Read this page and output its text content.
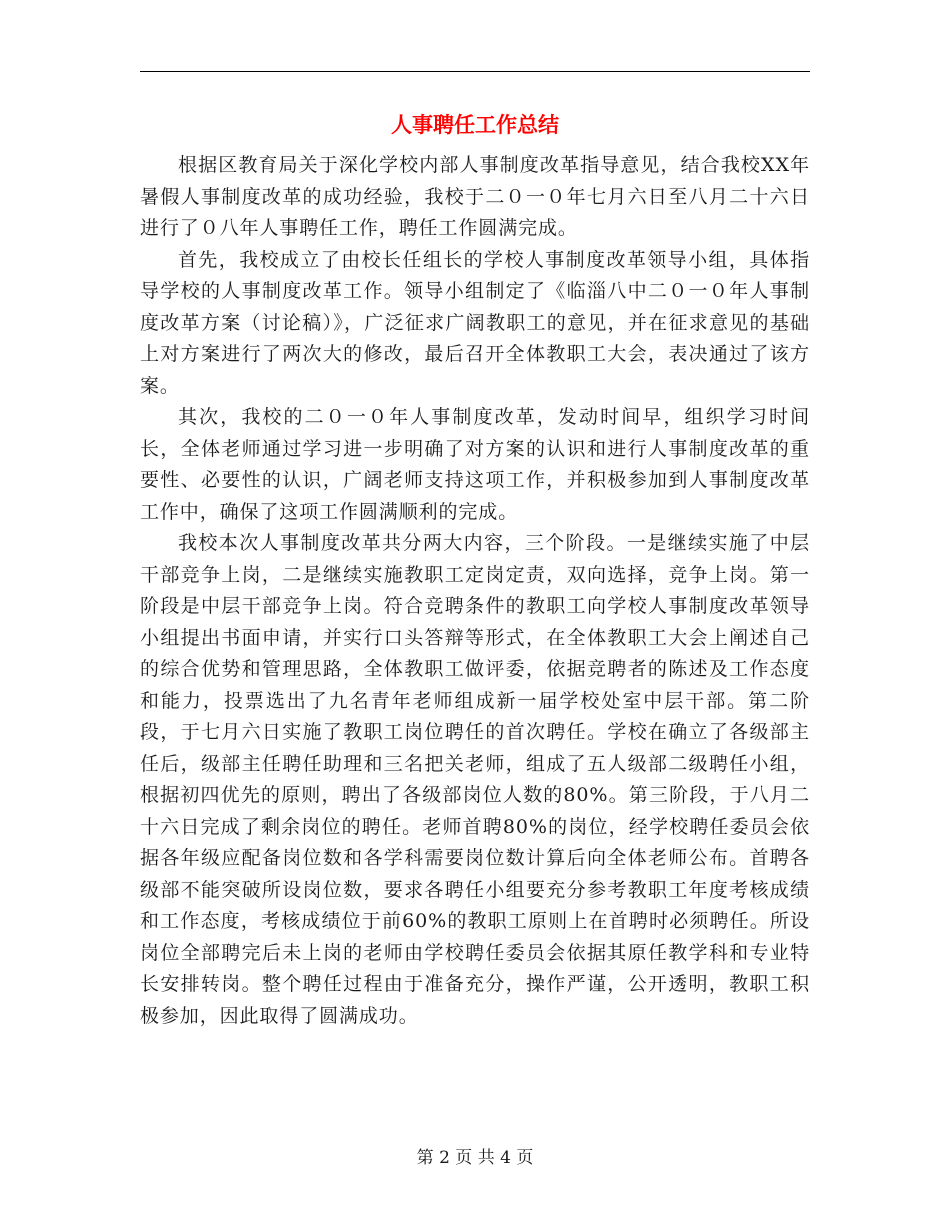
人事聘任工作总结

根据区教育局关于深化学校内部人事制度改革指导意见，结合我校XX年暑假人事制度改革的成功经验，我校于二０一０年七月六日至八月二十六日进行了０八年人事聘任工作，聘任工作圆满完成。

首先，我校成立了由校长任组长的学校人事制度改革领导小组，具体指导学校的人事制度改革工作。领导小组制定了《临淄八中二０一０年人事制度改革方案（讨论稿）》，广泛征求广阔教职工的意见，并在征求意见的基础上对方案进行了两次大的修改，最后召开全体教职工大会，表决通过了该方案。

其次，我校的二０一０年人事制度改革，发动时间早，组织学习时间长，全体老师通过学习进一步明确了对方案的认识和进行人事制度改革的重要性、必要性的认识，广阔老师支持这项工作，并积极参加到人事制度改革工作中，确保了这项工作圆满顺利的完成。

我校本次人事制度改革共分两大内容，三个阶段。一是继续实施了中层干部竞争上岗，二是继续实施教职工定岗定责，双向选择，竞争上岗。第一阶段是中层干部竞争上岗。符合竞聘条件的教职工向学校人事制度改革领导小组提出书面申请，并实行口头答辩等形式，在全体教职工大会上阐述自己的综合优势和管理思路，全体教职工做评委，依据竞聘者的陈述及工作态度和能力，投票选出了九名青年老师组成新一届学校处室中层干部。第二阶段，于七月六日实施了教职工岗位聘任的首次聘任。学校在确立了各级部主任后，级部主任聘任助理和三名把关老师，组成了五人级部二级聘任小组，根据初四优先的原则，聘出了各级部岗位人数的80%。第三阶段，于八月二十六日完成了剩余岗位的聘任。老师首聘80%的岗位，经学校聘任委员会依据各年级应配备岗位数和各学科需要岗位数计算后向全体老师公布。首聘各级部不能突破所设岗位数，要求各聘任小组要充分参考教职工年度考核成绩和工作态度，考核成绩位于前60%的教职工原则上在首聘时必须聘任。所设岗位全部聘完后未上岗的老师由学校聘任委员会依据其原任教学科和专业特长安排转岗。整个聘任过程由于准备充分，操作严谨，公开透明，教职工积极参加，因此取得了圆满成功。

第 2 页 共 4 页
